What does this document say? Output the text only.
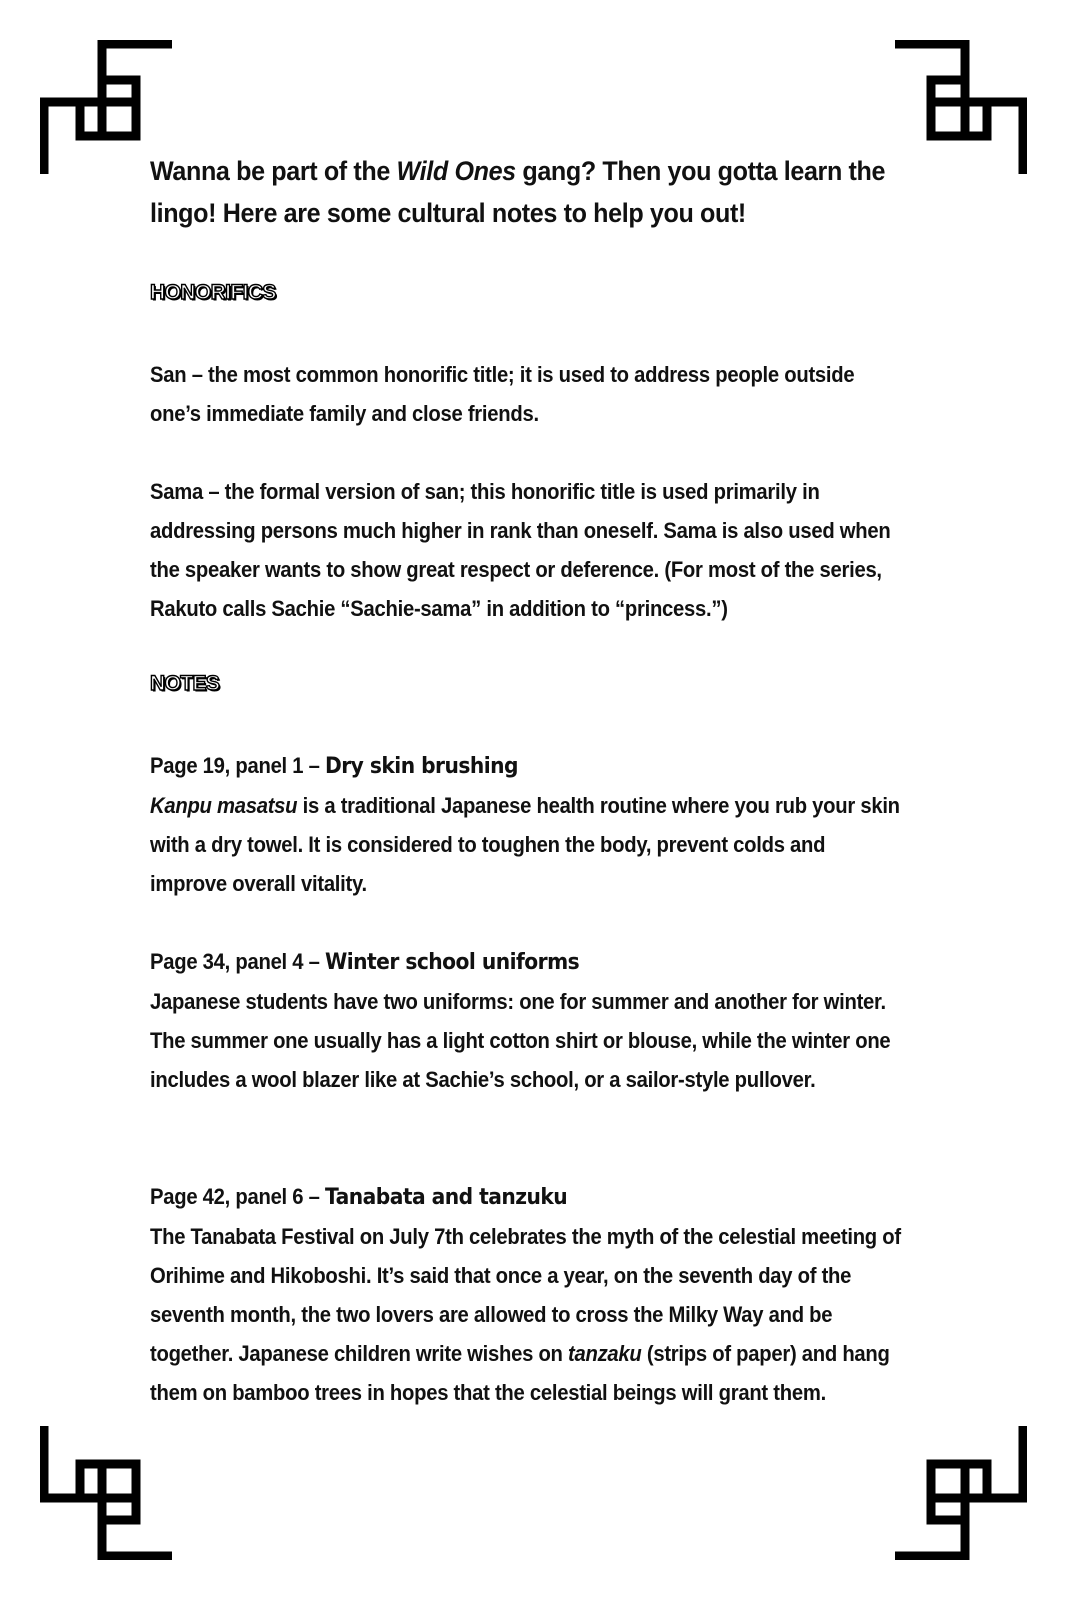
Wanna be part of the Wild Ones gang? Then you gotta learn the lingo! Here are some cultural notes to help you out!

HONORIFICS

San – the most common honorific title; it is used to address people outside one’s immediate family and close friends.

Sama – the formal version of san; this honorific title is used primarily in addressing persons much higher in rank than oneself. Sama is also used when the speaker wants to show great respect or deference. (For most of the series, Rakuto calls Sachie “Sachie-sama” in addition to “princess.”)

NOTES

Page 19, panel 1 – Dry skin brushing
Kanpu masatsu is a traditional Japanese health routine where you rub your skin with a dry towel. It is considered to toughen the body, prevent colds and improve overall vitality.

Page 34, panel 4 – Winter school uniforms
Japanese students have two uniforms: one for summer and another for winter. The summer one usually has a light cotton shirt or blouse, while the winter one includes a wool blazer like at Sachie’s school, or a sailor-style pullover.

Page 42, panel 6 – Tanabata and tanzuku
The Tanabata Festival on July 7th celebrates the myth of the celestial meeting of Orihime and Hikoboshi. It’s said that once a year, on the seventh day of the seventh month, the two lovers are allowed to cross the Milky Way and be together. Japanese children write wishes on tanzaku (strips of paper) and hang them on bamboo trees in hopes that the celestial beings will grant them.
